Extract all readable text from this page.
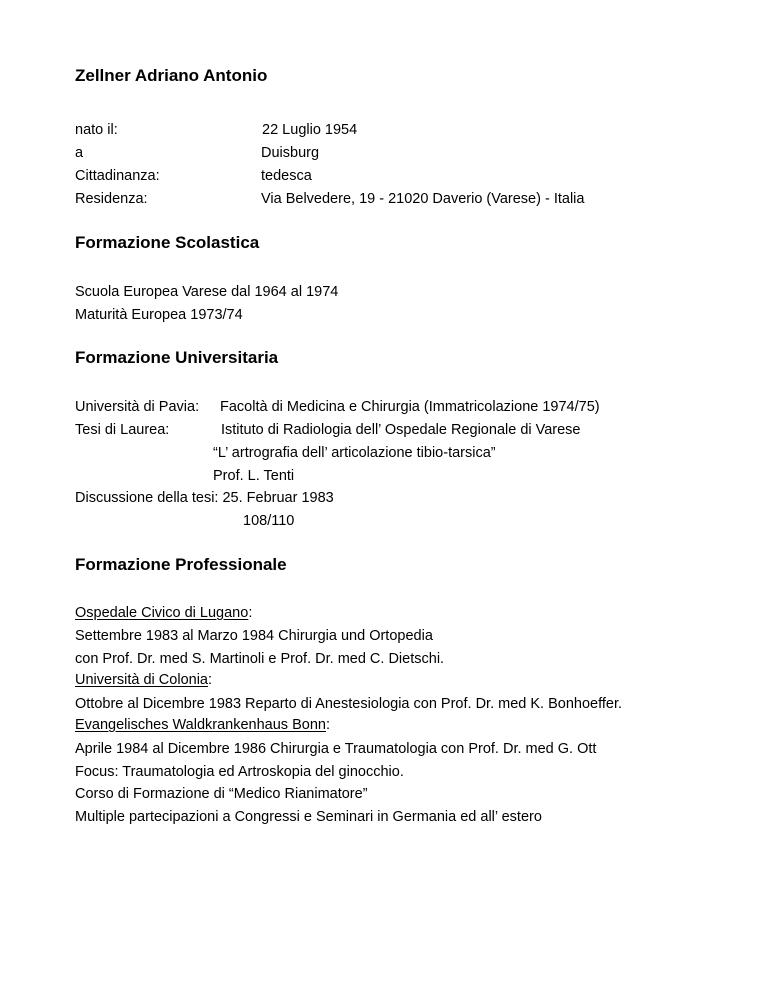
Zellner Adriano Antonio
nato il:	22 Luglio 1954
a	Duisburg
Cittadinanza:	tedesca
Residenza:	Via Belvedere, 19 - 21020 Daverio (Varese) - Italia
Formazione Scolastica
Scuola Europea Varese dal 1964 al 1974
Maturità Europea 1973/74
Formazione Universitaria
Università di Pavia: Facoltà di Medicina e Chirurgia (Immatricolazione 1974/75)
Tesi di Laurea:	Istituto di Radiologia dell’ Ospedale Regionale di Varese
“L’ artrografia dell’ articolazione tibio-tarsica”
Prof. L. Tenti
Discussione della tesi: 25. Februar 1983
108/110
Formazione Professionale
Ospedale Civico di Lugano:
Settembre 1983 al Marzo 1984 Chirurgia und Ortopedia
con Prof. Dr. med S. Martinoli e Prof. Dr. med C. Dietschi.
Università di Colonia:
Ottobre al Dicembre 1983 Reparto di Anestesiologia con Prof. Dr. med K. Bonhoeffer.
Evangelisches Waldkrankenhaus Bonn:
Aprile 1984 al Dicembre 1986 Chirurgia e Traumatologia con Prof. Dr. med G. Ott
Focus: Traumatologia ed Artroskopia del ginocchio.
Corso di Formazione di “Medico Rianimatore”
Multiple partecipazioni a Congressi e Seminari in Germania ed all’ estero
